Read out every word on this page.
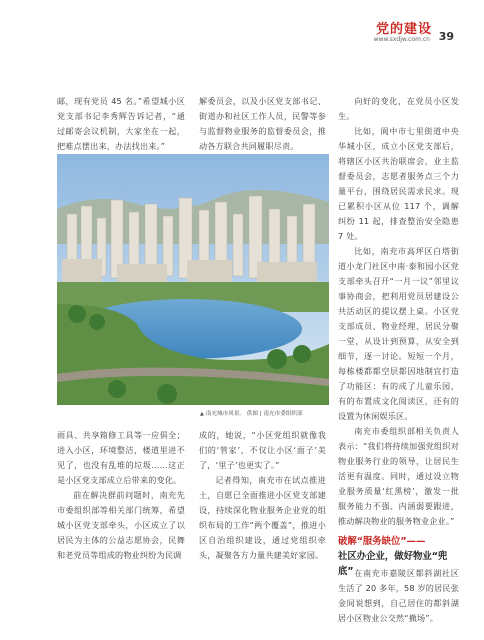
党的建设
www.sxdjw.com.cn 39

邮，现有党员 45 名。”希望城小区党支部书记李秀辉告诉记者，“通过邮寄会议机制，大家坐在一起，把难点摆出来、办法找出来。”

解委员会，以及小区党支部书记、街道办和社区工作人员，民警等参与监督物业服务的监督委员会，推动各方联合共同履职尽责。

向好的变化，在党员小区发生。

比如，阆中市七里街道中央华城小区，成立小区党支部后，将辖区小区共治联席会，业主监督委员会，志愿者服务点三个力量平台，围绕居民需求民求。现已累积小区从位 117 个，调解纠纷 11 起，排查整治安全隐患 7 处。

比如，南充市高坪区白塔街道小龙门社区中南·泰和园小区党支部牵头召开“一月一议”邻里议事协商会，把利用党员居建设公共活动区的提议摆上桌。小区党支部成员、物业经理、居民分聚一堂，从设计到预算，从安全到细节，逐一讨论。短短一个月，每栋楼都都空层都因地制宜打造了功能区：有的成了儿童乐园，有的布置成文化阅读区，还有的设置为休闲娱乐区。

南充市委组织部相关负责人表示：“我们将持续加强党组织对物业服务行业的领导，让居民生活更有温度。同时，通过设立物业服务质量‘红黑榜’，激发一批服务能力不强、内涵弱要跟进，推动解决物业的服务物业企业。”

▲ 南充城市风景。 供图 | 南充市委组织部

雨具、共享箱修工具等一应俱全；进入小区，环境整洁，楼道里进不见了，也没有乱堆的垃圾……这正是小区党支部成立后带来的变化。

前在解决群前问题时，南充先市委组织部等相关部门统筹，希望城小区党支部牵头，小区成立了以居民为主体的公益志愿协会，民舞和老党员等组成的物业纠纷为民调

成的，她说，“小区党组织就像我们的‘管家’，不仅让小区‘面子’美了，‘里子’也更实了。”

记者得知，南充市在试点推进土，自愿已全面推进小区党支部建设，持续深化物业服务企业党的组织布局的工作“两个覆盖”，推进小区自治组织建设，通过党组织牵头，凝聚各方力量共建美好家园。

破解“服务缺位”——
社区办企业，做好物业“兜底” 在南充市嘉陵区都斜湖社区生活了 20 多年，58 岁的居民张金间说想到，自己居住的都斜湖居小区物业公交然“撤场”。
